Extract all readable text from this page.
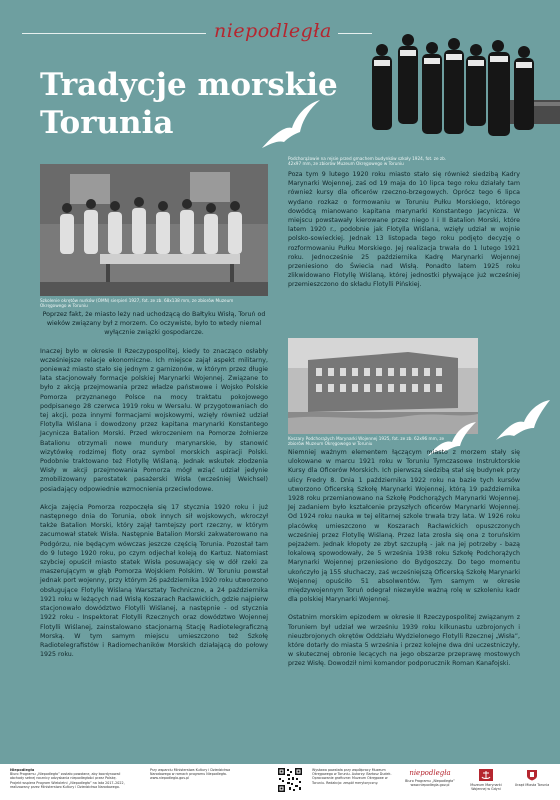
niepodległa
Tradycje morskie
Torunia
Podchorążowie na rejsie przed gmachem budynków szkoły 1924, fot. ze zb. 42x97 mm, ze zbiorów Muzeum Okręgowego w Toruniu
Szkolenie okrętów nurków (OMN) sierpień 1927, fot. ze zb. 68x138 mm, ze zbiorów Muzeum Okręgowego w Toruniu

Poza tym 9 lutego 1920 roku miasto stało się również siedzibą Kadry Marynarki Wojennej, zaś od 19 maja do 10 lipca tego roku działały tam również kursy dla oficerów rzeczno-brzegowych. Oprócz tego 6 lipca wydano rozkaz o formowaniu w Toruniu Pułku Morskiego, którego dowódcą mianowano kapitana marynarki Konstantego Jacynicza. W miejscu powstawały kierowane przez niego I i II Batalion Morski, które latem 1920 r., podobnie jak Flotylla Wiślana, wzięły udział w wojnie polsko-sowieckiej. Jednak 13 listopada tego roku podjęto decyzję o rozformowaniu Pułku Morskiego. Jej realizacja trwała do 1 lutego 1921 roku. Jednocześnie 25 października Kadrę Marynarki Wojennej przeniesiono do Świecia nad Wisłą. Ponadto latem 1925 roku zlikwidowano Flotyllę Wiślaną, której jednostki pływające już wcześniej przemieszczono do składu Flotylli Pińskiej.

Koszary Podchorążych Marynarki Wojennej 1925, fot. ze zb. 62x96 mm, ze zbiorów Muzeum Okręgowego w Toruniu

Poprzez fakt, że miasto leży nad uchodzącą do Bałtyku Wisłą, Toruń od wieków związany był z morzem. Co oczywiste, było to wtedy niemal wyłącznie związki gospodarcze.

Inaczej było w okresie II Rzeczypospolitej, kiedy to znacząco osłabły wcześniejsze relacje ekonomiczne. Ich miejsce zajął aspekt militarny, ponieważ miasto stało się jednym z garnizonów, w którym przez długie lata stacjonowały formacje polskiej Marynarki Wojennej. Związane to było z akcją przejmowania przez władze państwowe i Wojsko Polskie Pomorza przyznanego Polsce na mocy traktatu pokojowego podpisanego 28 czerwca 1919 roku w Wersalu. W przygotowaniach do tej akcji, poza innymi formacjami wojskowymi, wzięły również udział Flotylla Wiślana i dowodzony przez kapitana marynarki Konstantego Jacynicza Batalion Morski. Przed wkroczeniem na Pomorze żołnierze Batalionu otrzymali nowe mundury marynarskie, by stanowić wizytówkę rodzimej floty oraz symbol morskich aspiracji Polski. Podobnie traktowano też Flotyllę Wiślaną. Jednak wskutek złodzenia Wisły w akcji przejmowania Pomorza mógł wziąć udział jedynie zmobilizowany parostatek pasażerski Wisła (wcześniej Weichsel) posiadający odpowiednie wzmocnienia przeciwlodowe.

Akcja zajęcia Pomorza rozpoczęła się 17 stycznia 1920 roku i już następnego dnia do Torunia, obok innych sił wojskowych, wkroczył także Batalion Morski, który zajął tamtejszy port rzeczny, w którym zacumował statek Wisła. Następnie Batalion Morski zakwaterowano na Podgórzu, nie będącym wówczas jeszcze częścią Torunia. Pozostał tam do 9 lutego 1920 roku, po czym odjechał koleją do Kartuz. Natomiast szybciej opuścił miasto statek Wisła posuwający się w dół rzeki za maszerującym w głąb Pomorza Wojskiem Polskim. W Toruniu powstał jednak port wojenny, przy którym 26 października 1920 roku utworzono obsługujące Flotyllę Wiślaną Warsztaty Techniczne, a 24 października 1921 roku w leżących nad Wisłą Koszarach Racławickich, gdzie najpierw stacjonowało dowództwo Flotylli Wiślanej, a następnie - od stycznia 1922 roku - Inspektorat Flotylli Rzecznych oraz dowództwo Wojennej Flotylli Wiślanej, zainstalowano stacjonarną Stację Radiotelegraficzną Morską. W tym samym miejscu umieszczono też Szkołę Radiotelegrafistów i Radiomechaników Morskich działającą do połowy 1925 roku.

Niemniej ważnym elementem łączącym miasto z morzem stały się ulokowane w marcu 1921 roku w Toruniu Tymczasowe Instruktorskie Kursy dla Oficerów Morskich. Ich pierwszą siedzibą stał się budynek przy ulicy Fredry 8. Dnia 1 października 1922 roku na bazie tych kursów utworzono Oficerską Szkołę Marynarki Wojennej, którą 19 października 1928 roku przemianowano na Szkołę Podchorążych Marynarki Wojennej. Jej zadaniem było kształcenie przyszłych oficerów Marynarki Wojennej. Od 1924 roku nauka w tej elitarnej szkole trwała trzy lata. W 1926 roku placówkę umieszczono w Koszarach Racławickich opuszczonych wcześniej przez Flotyllę Wiślaną. Przez lata zrosła się ona z toruńskim pejzażem. Jednak kłopoty ze zbyt szczupłą - jak na jej potrzeby - bazą lokalową spowodowały, że 5 września 1938 roku Szkołę Podchorążych Marynarki Wojennej przeniesiono do Bydgoszczy. Do tego momentu ukończyło ją 155 słuchaczy, zaś wcześniejszą Oficerską Szkołę Marynarki Wojennej opuściło 51 absolwentów. Tym samym w okresie międzywojennym Toruń odegrał niezwykle ważną rolę w szkoleniu kadr dla polskiej Marynarki Wojennej.

Ostatnim morskim epizodem w okresie II Rzeczypospolitej związanym z Toruniem był udział we wrześniu 1939 roku kilkunastu uzbrojonych i nieuzbrojonych okrętów Oddziału Wydzielonego Flotylli Rzecznej „Wisła”, które dotarły do miasta 5 września i przez kolejne dwa dni uczestniczyły, w skutecznej obronie lecących na jego obszarze przeprawę mostowych przez Wisłę. Dowodził nimi komandor podporucznik Roman Kanafojski.

Niepodległa
Biuro Programu „Niepodległa” zostało powołane, aby koordynować obchody setnej rocznicy odzyskania niepodległości przez Polskę. Projekt wspiera Program Wieloletni „Niepodległa” na lata 2017–2022, realizowany przez Ministerstwo Kultury i Dziedzictwa Narodowego.
Przy wsparciu Ministerstwa Kultury i Dziedzictwa Narodowego w ramach programu Niepodległa. www.niepodlegla.gov.pl
Wystawa powstała przy współpracy Muzeum Okręgowego w Toruniu. Autorzy: Bartosz Dudek. Opracowanie graficzne: Muzeum Okręgowe w Toruniu. Redakcja: zespół merytoryczny.
niepodległa
Biuro Programu „Niepodległa”
www.niepodlegla.gov.pl	Muzeum Marynarki Wojennej w Gdyni
Urząd Miasta Torunia
